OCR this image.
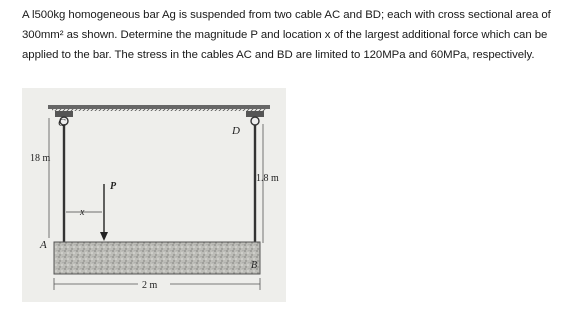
A l500kg homogeneous bar Ag is suspended from two cable AC and BD; each with cross sectional area of 300mm² as shown. Determine the magnitude P and location x of the largest additional force which can be applied to the bar. The stress in the cables AC and BD are limited to 120MPa and 60MPa, respectively.

C
D
A
B
P
x
18 m
1.8 m
2 m
